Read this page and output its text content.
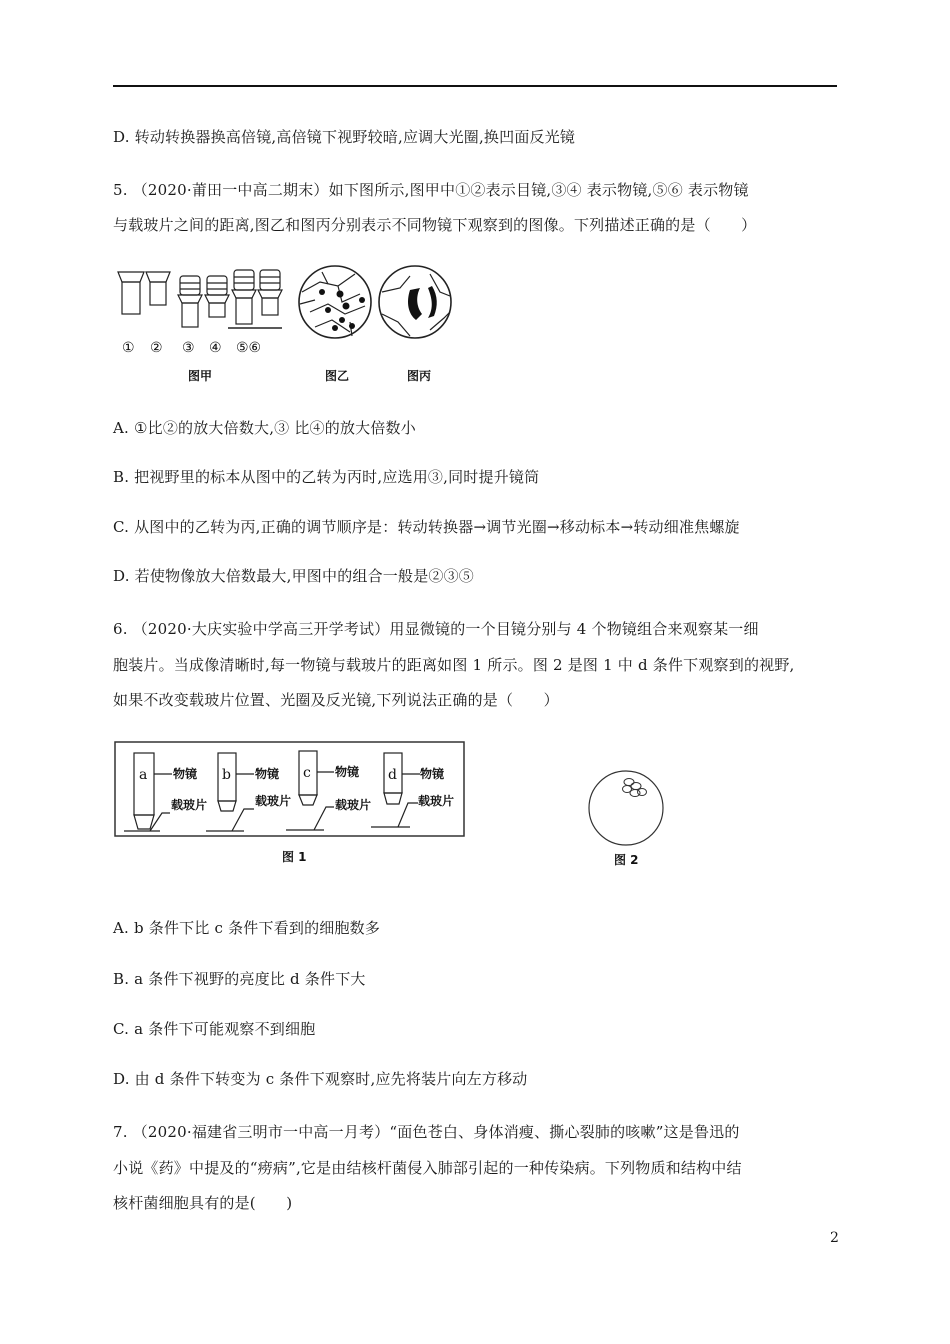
D. 转动转换器换高倍镜,高倍镜下视野较暗,应调大光圈,换凹面反光镜
5. （2020·莆田一中高二期末）如下图所示,图甲中①②表示目镜,③④ 表示物镜,⑤⑥ 表示物镜
与载玻片之间的距离,图乙和图丙分别表示不同物镜下观察到的图像。下列描述正确的是（　　）
① ② ③ ④ ⑤⑥
图甲	图乙	图丙
A. ①比②的放大倍数大,③ 比④的放大倍数小
B. 把视野里的标本从图中的乙转为丙时,应选用③,同时提升镜筒
C. 从图中的乙转为丙,正确的调节顺序是：转动转换器→调节光圈→移动标本→转动细准焦螺旋
D. 若使物像放大倍数最大,甲图中的组合一般是②③⑤
6. （2020·大庆实验中学高三开学考试）用显微镜的一个目镜分别与 4 个物镜组合来观察某一细
胞装片。当成像清晰时,每一物镜与载玻片的距离如图 1 所示。图 2 是图 1 中 d 条件下观察到的视野,
如果不改变载玻片位置、光圈及反光镜,下列说法正确的是（　　）
a	b	c	d
物镜
载玻片
物镜
载玻片
物镜
载玻片
物镜
载玻片
图 1	图 2
A. b 条件下比 c 条件下看到的细胞数多
B. a 条件下视野的亮度比 d 条件下大
C. a 条件下可能观察不到细胞
D. 由 d 条件下转变为 c 条件下观察时,应先将装片向左方移动
7. （2020·福建省三明市一中高一月考）“面色苍白、身体消瘦、撕心裂肺的咳嗽”这是鲁迅的
小说《药》中提及的“痨病”,它是由结核杆菌侵入肺部引起的一种传染病。下列物质和结构中结
核杆菌细胞具有的是(　　)
2
